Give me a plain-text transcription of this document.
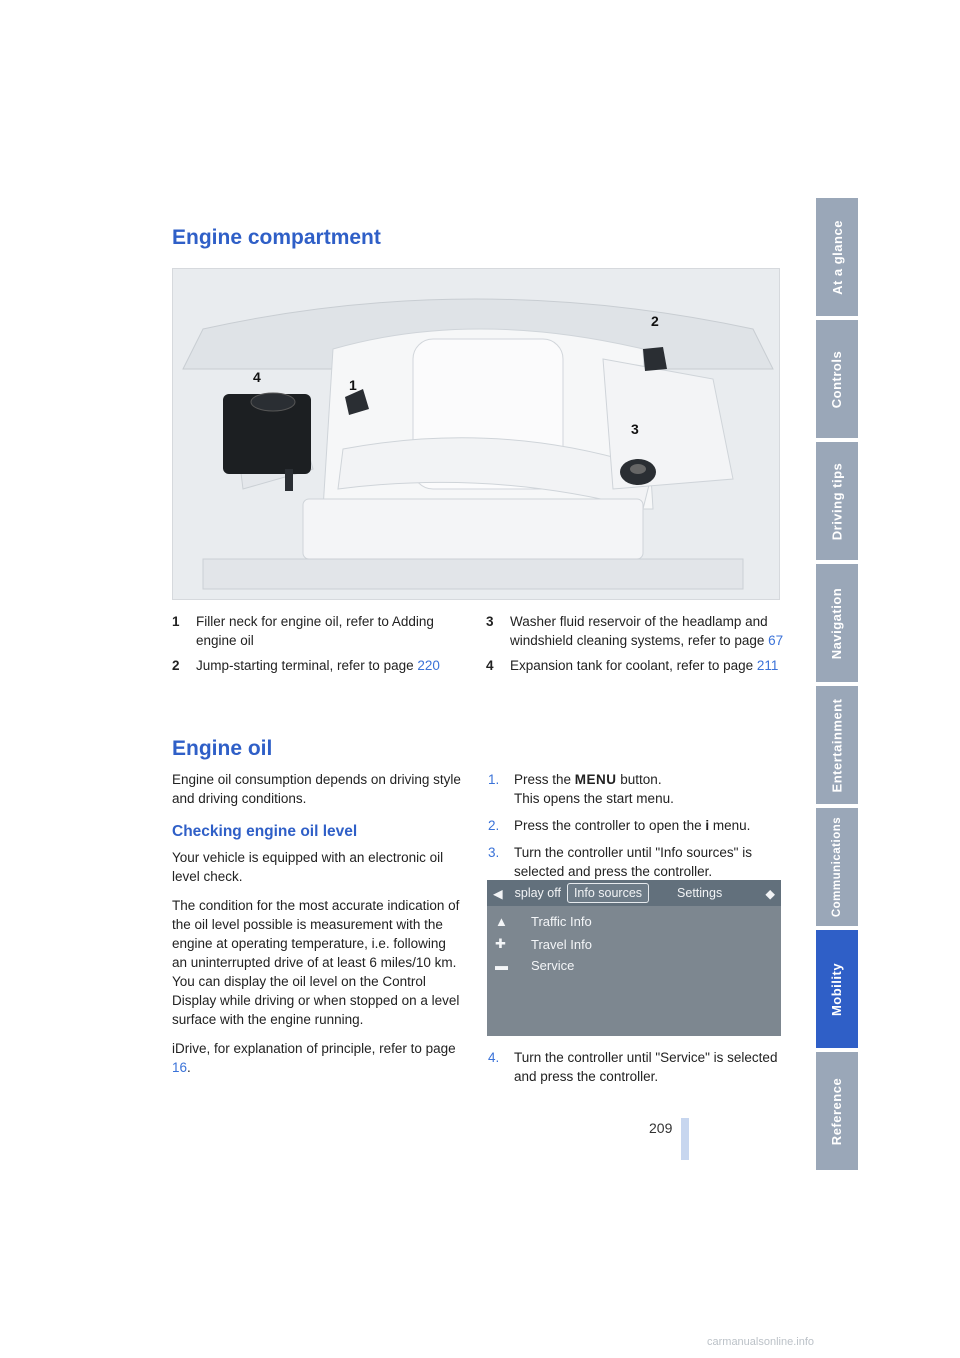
At a glance
Controls
Driving tips
Navigation
Entertainment
Communications
Mobility
Reference
Engine compartment
4	1
2
3
1	Filler neck for engine oil, refer to Adding engine oil
2	Jump-starting terminal, refer to page 220
3	Washer fluid reservoir of the headlamp and windshield cleaning systems, refer to page 67
4	Expansion tank for coolant, refer to page 211
Engine oil

Engine oil consumption depends on driving style and driving conditions.

Checking engine oil level

Your vehicle is equipped with an electronic oil level check.

The condition for the most accurate indication of the oil level possible is measurement with the engine at operating temperature, i.e. following an uninterrupted drive of at least 6 miles/10 km. You can display the oil level on the Control Display while driving or when stopped on a level surface with the engine running.

iDrive, for explanation of principle, refer to page 16.

1.	Press the MENU button.
This opens the start menu.
2.	Press the controller to open the i menu.
3.	Turn the controller until "Info sources" is selected and press the controller.
◀ splay off	Info sources	Settings	◆
▲	Traffic Info
✚	Travel Info
▬	Service
4.	Turn the controller until "Service" is selected and press the controller.
209
carmanualsonline.info
